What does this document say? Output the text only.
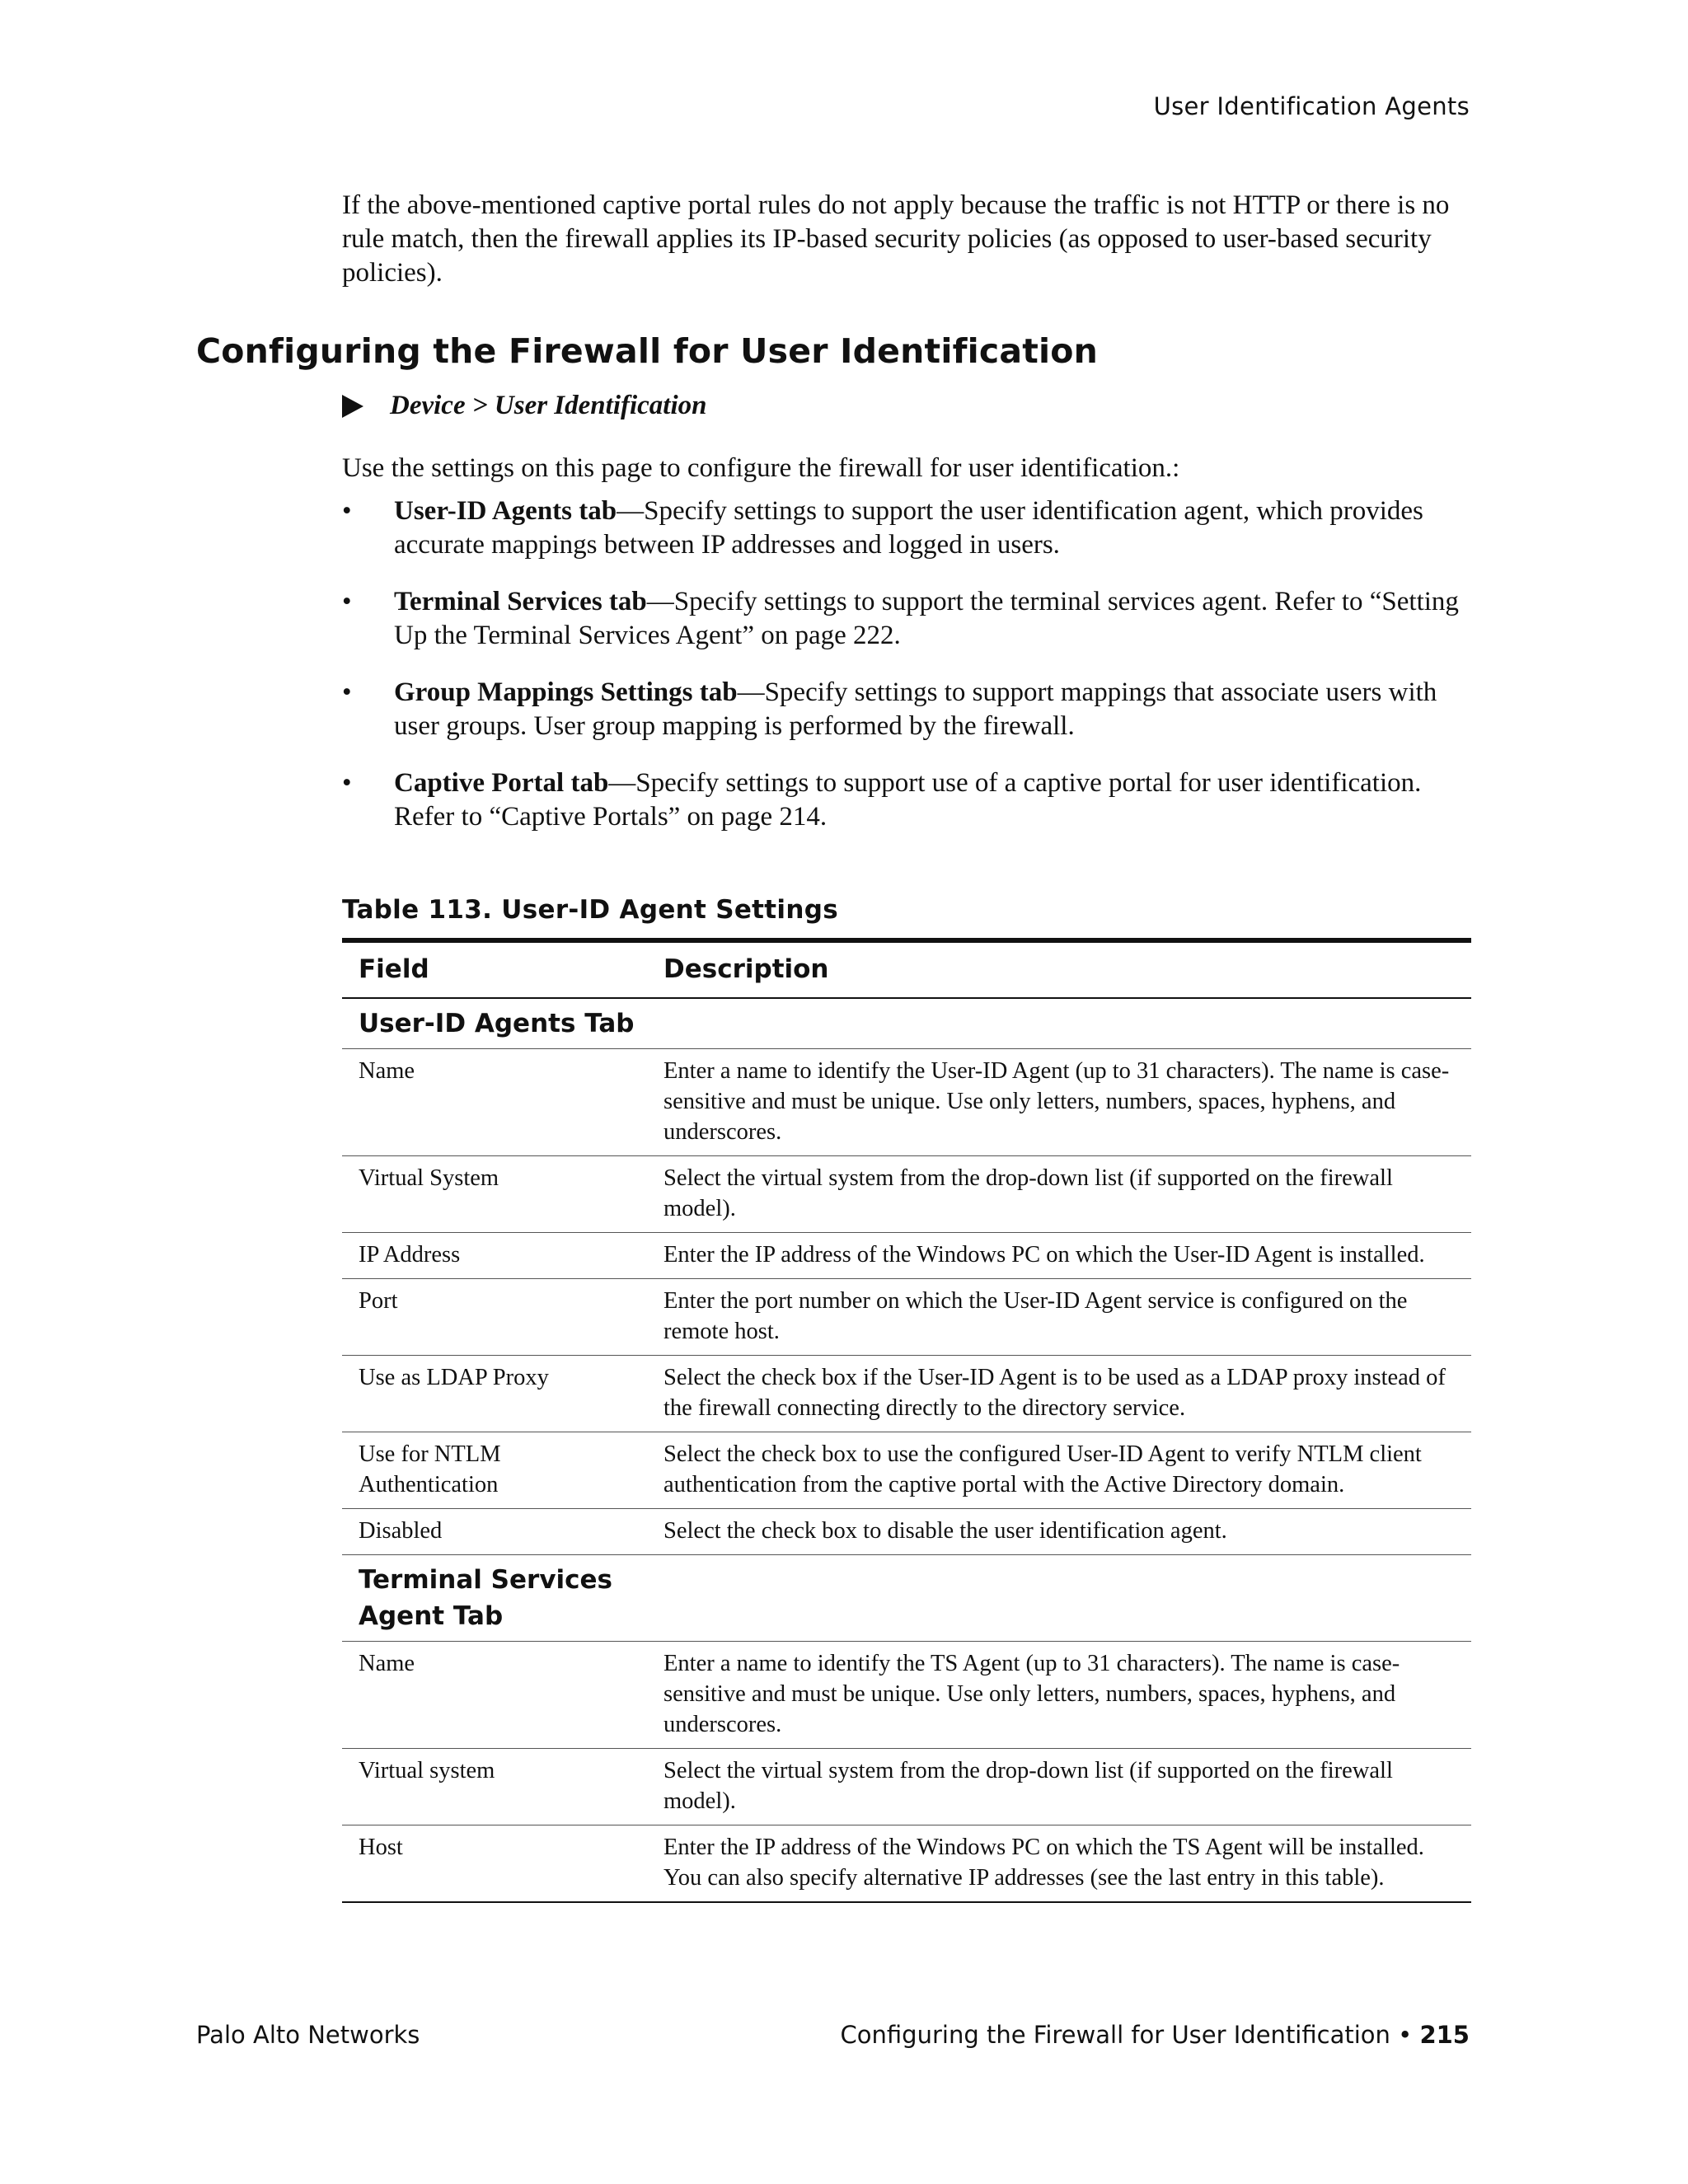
User Identification Agents

If the above-mentioned captive portal rules do not apply because the traffic is not HTTP or there is no rule match, then the firewall applies its IP-based security policies (as opposed to user-based security policies).

Configuring the Firewall for User Identification
Device > User Identification

Use the settings on this page to configure the firewall for user identification.:

• User-ID Agents tab—Specify settings to support the user identification agent, which provides accurate mappings between IP addresses and logged in users.
• Terminal Services tab—Specify settings to support the terminal services agent. Refer to “Setting Up the Terminal Services Agent” on page 222.
• Group Mappings Settings tab—Specify settings to support mappings that associate users with user groups. User group mapping is performed by the firewall.
• Captive Portal tab—Specify settings to support use of a captive portal for user identification. Refer to “Captive Portals” on page 214.
Table 113. User-ID Agent Settings
Field	Description
User-ID Agents Tab	
Name	Enter a name to identify the User-ID Agent (up to 31 characters). The name is case-sensitive and must be unique. Use only letters, numbers, spaces, hyphens, and underscores.
Virtual System	Select the virtual system from the drop-down list (if supported on the firewall model).
IP Address	Enter the IP address of the Windows PC on which the User-ID Agent is installed.
Port	Enter the port number on which the User-ID Agent service is configured on the remote host.
Use as LDAP Proxy	Select the check box if the User-ID Agent is to be used as a LDAP proxy instead of the firewall connecting directly to the directory service.
Use for NTLM Authentication	Select the check box to use the configured User-ID Agent to verify NTLM client authentication from the captive portal with the Active Directory domain.
Disabled	Select the check box to disable the user identification agent.
Terminal Services Agent Tab	
Name	Enter a name to identify the TS Agent (up to 31 characters). The name is case-sensitive and must be unique. Use only letters, numbers, spaces, hyphens, and underscores.
Virtual system	Select the virtual system from the drop-down list (if supported on the firewall model).
Host	Enter the IP address of the Windows PC on which the TS Agent will be installed. You can also specify alternative IP addresses (see the last entry in this table).
Palo Alto Networks	Configuring the Firewall for User Identification • 215
